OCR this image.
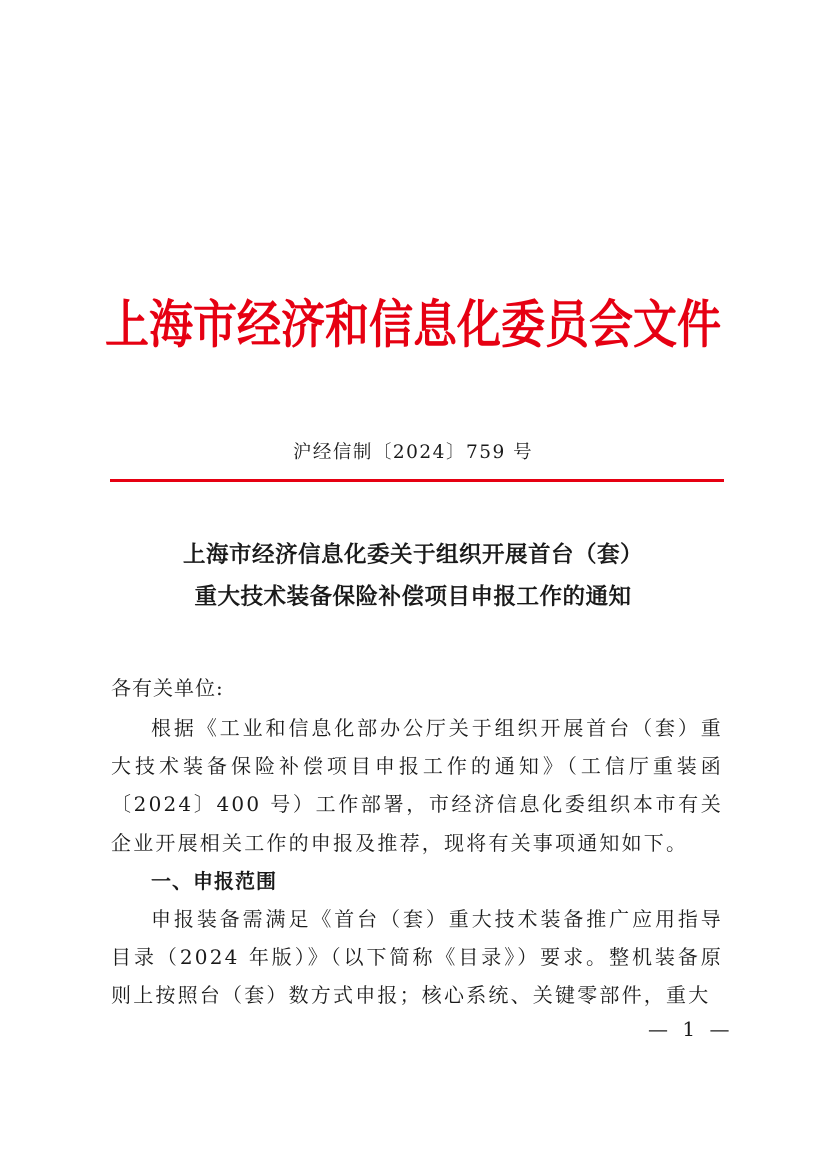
上海市经济和信息化委员会文件
沪经信制〔2024〕759 号
上海市经济信息化委关于组织开展首台（套）
重大技术装备保险补偿项目申报工作的通知
各有关单位:

根据《工业和信息化部办公厅关于组织开展首台（套）重大技术装备保险补偿项目申报工作的通知》（工信厅重装函〔2024〕400 号）工作部署，市经济信息化委组织本市有关企业开展相关工作的申报及推荐，现将有关事项通知如下。

一、申报范围

申报装备需满足《首台（套）重大技术装备推广应用指导目录（2024 年版）》（以下简称《目录》）要求。整机装备原则上按照台（套）数方式申报；核心系统、关键零部件，重大

— 1 —
